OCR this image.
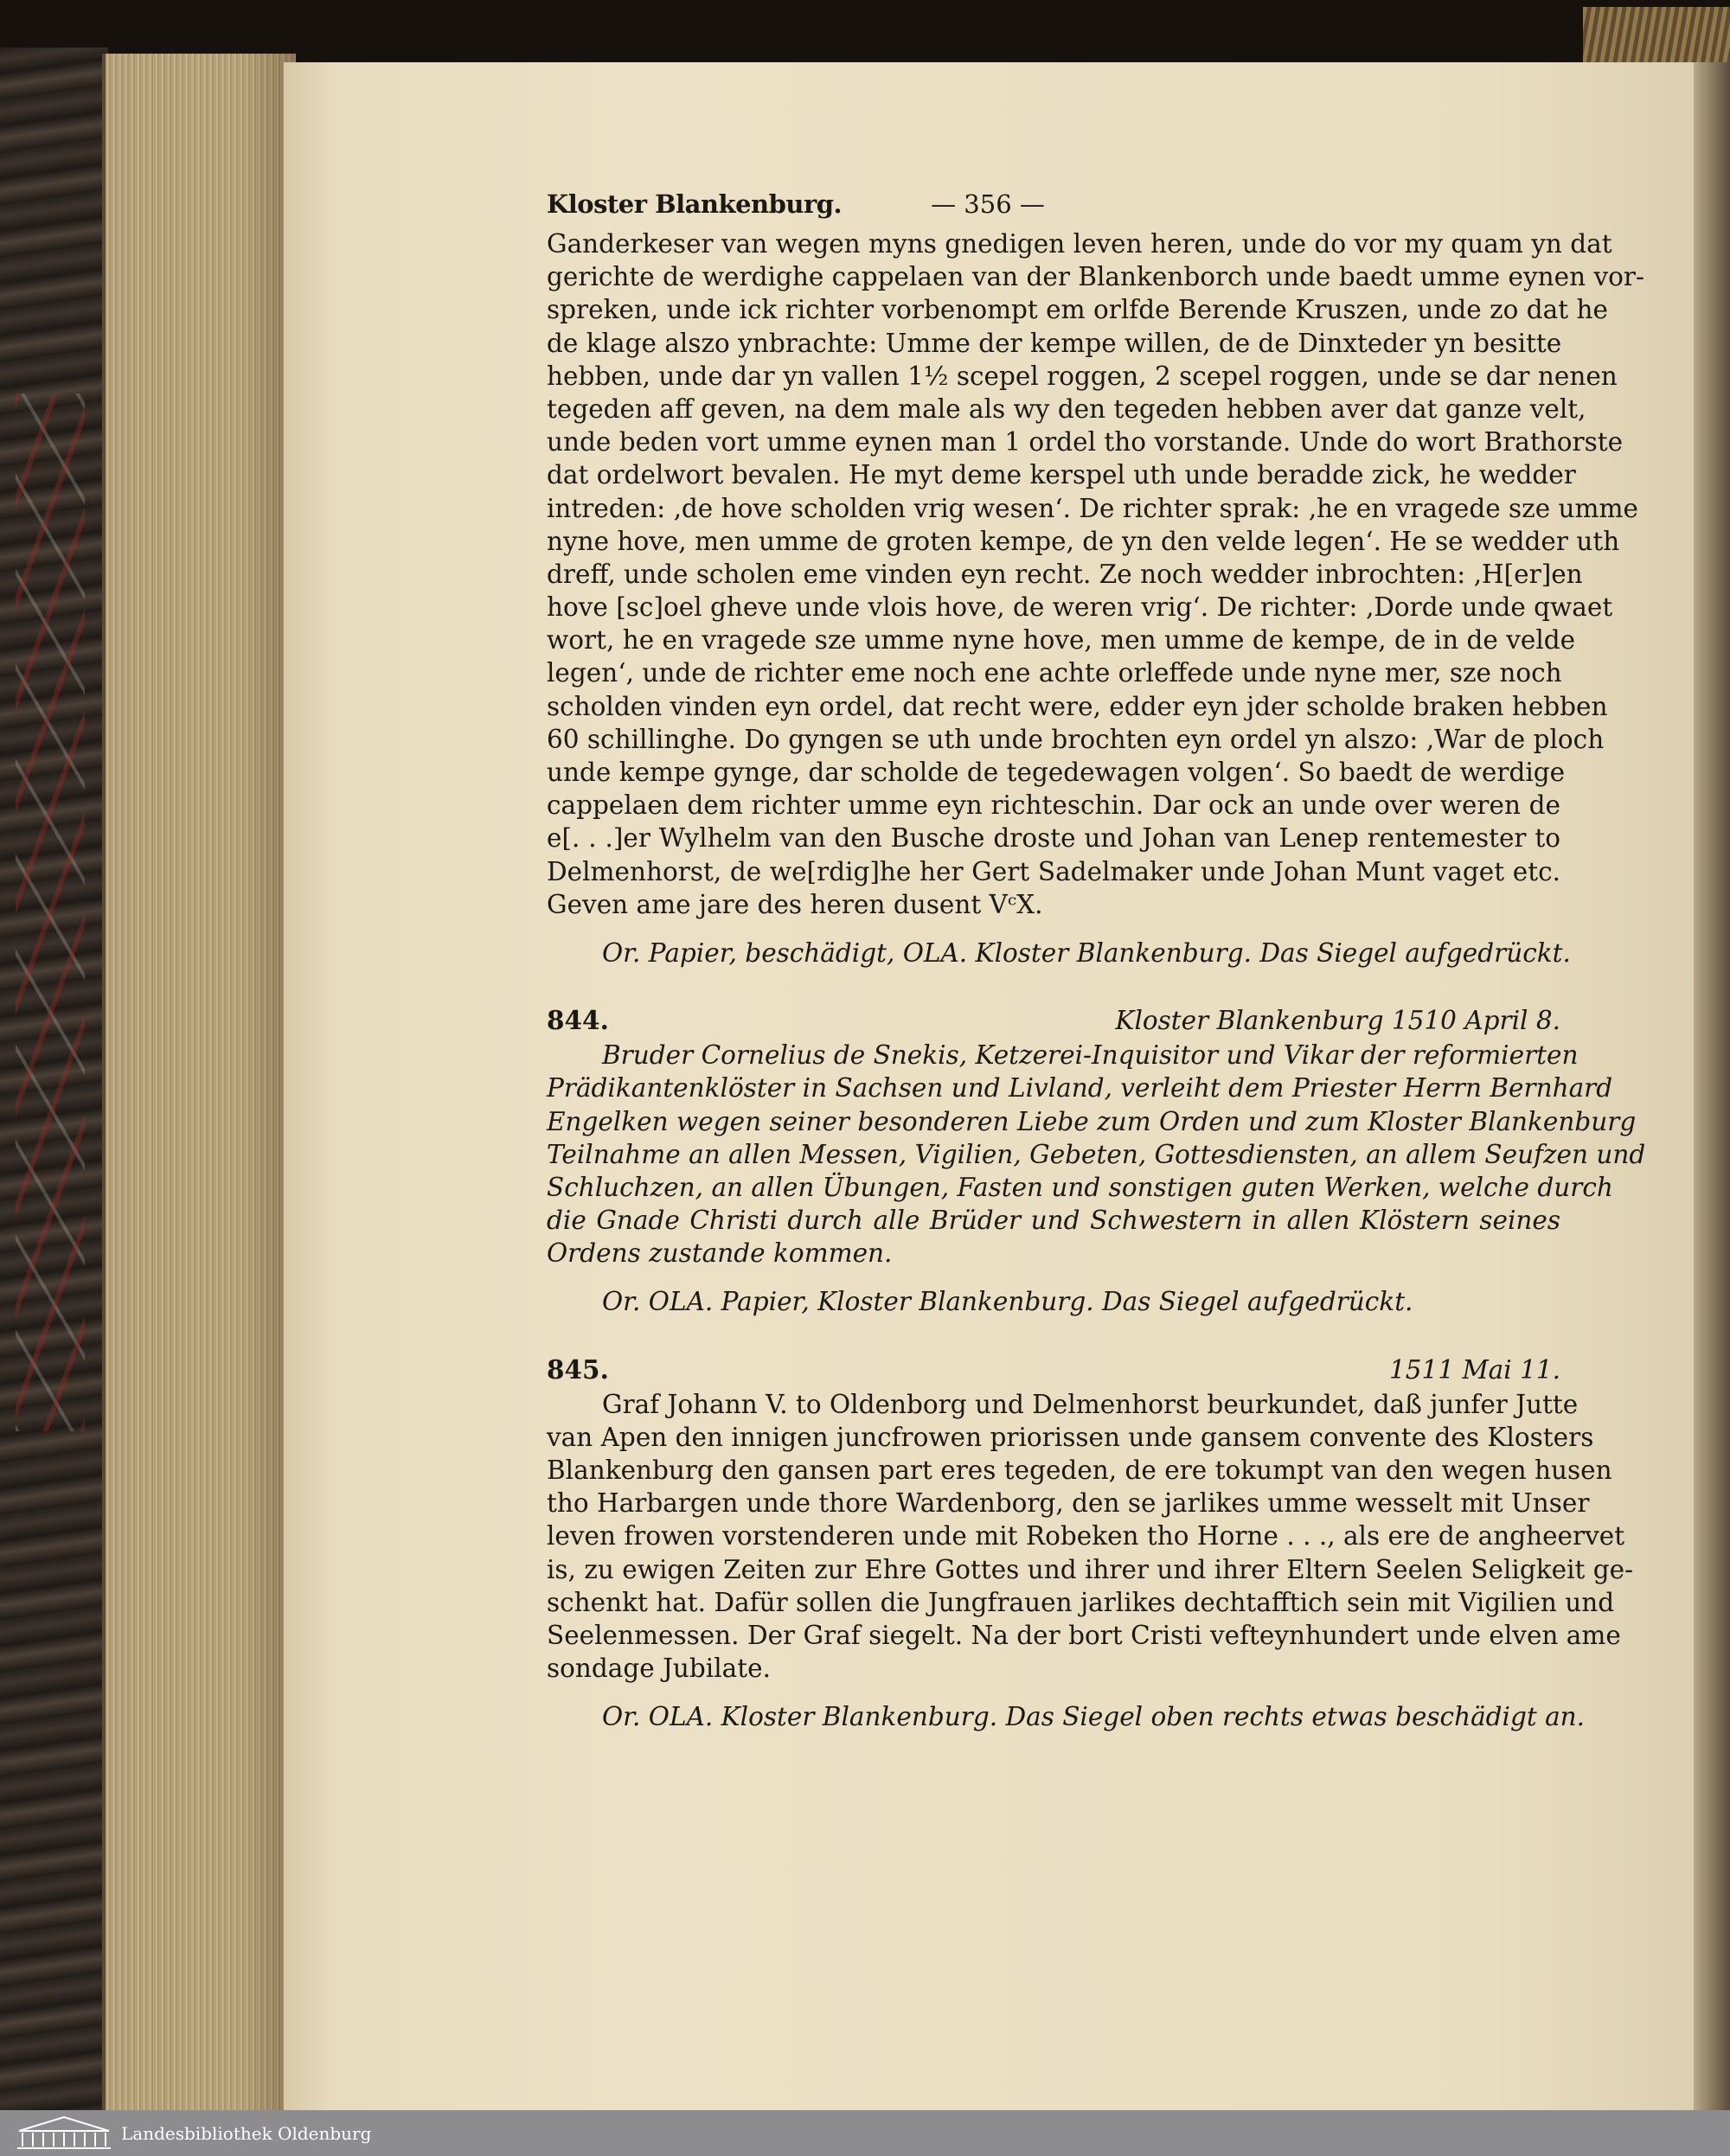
Kloster Blankenburg.	— 356 —
Ganderkeser van wegen myns gnedigen leven heren, unde do vor my quam yn dat
gerichte de werdighe cappelaen van der Blankenborch unde baedt umme eynen vor-
spreken, unde ick richter vorbenompt em orlfde Berende Kruszen, unde zo dat he
de klage alszo ynbrachte: Umme der kempe willen, de de Dinxteder yn besitte
hebben, unde dar yn vallen 1½ scepel roggen, 2 scepel roggen, unde se dar nenen
tegeden aff geven, na dem male als wy den tegeden hebben aver dat ganze velt,
unde beden vort umme eynen man 1 ordel tho vorstande. Unde do wort Brathorste
dat ordelwort bevalen. He myt deme kerspel uth unde beradde zick, he wedder
intreden: ‚de hove scholden vrig wesen‘. De richter sprak: ‚he en vragede sze umme
nyne hove, men umme de groten kempe, de yn den velde legen‘. He se wedder uth
dreff, unde scholen eme vinden eyn recht. Ze noch wedder inbrochten: ‚H[er]en
hove [sc]oel gheve unde vlois hove, de weren vrig‘. De richter: ‚Dorde unde qwaet
wort, he en vragede sze umme nyne hove, men umme de kempe, de in de velde
legen‘, unde de richter eme noch ene achte orleffede unde nyne mer, sze noch
scholden vinden eyn ordel, dat recht were, edder eyn jder scholde braken hebben
60 schillinghe. Do gyngen se uth unde brochten eyn ordel yn alszo: ‚War de ploch
unde kempe gynge, dar scholde de tegedewagen volgen‘. So baedt de werdige
cappelaen dem richter umme eyn richteschin. Dar ock an unde over weren de
e[. . .]er Wylhelm van den Busche droste und Johan van Lenep rentemester to
Delmenhorst, de we[rdig]he her Gert Sadelmaker unde Johan Munt vaget etc.
Geven ame jare des heren dusent VᶜX.
Or. Papier, beschädigt, OLA. Kloster Blankenburg. Das Siegel aufgedrückt.
844.	Kloster Blankenburg 1510 April 8.
Bruder Cornelius de Snekis, Ketzerei-Inquisitor und Vikar der reformierten
Prädikantenklöster in Sachsen und Livland, verleiht dem Priester Herrn Bernhard
Engelken wegen seiner besonderen Liebe zum Orden und zum Kloster Blankenburg
Teilnahme an allen Messen, Vigilien, Gebeten, Gottesdiensten, an allem Seufzen und
Schluchzen, an allen Übungen, Fasten und sonstigen guten Werken, welche durch
die Gnade Christi durch alle Brüder und Schwestern in allen Klöstern seines
Ordens zustande kommen.
Or. OLA. Papier, Kloster Blankenburg. Das Siegel aufgedrückt.
845.	1511 Mai 11.
Graf Johann V. to Oldenborg und Delmenhorst beurkundet, daß junfer Jutte
van Apen den innigen juncfrowen priorissen unde gansem convente des Klosters
Blankenburg den gansen part eres tegeden, de ere tokumpt van den wegen husen
tho Harbargen unde thore Wardenborg, den se jarlikes umme wesselt mit Unser
leven frowen vorstenderen unde mit Robeken tho Horne . . ., als ere de angheervet
is, zu ewigen Zeiten zur Ehre Gottes und ihrer und ihrer Eltern Seelen Seligkeit ge-
schenkt hat. Dafür sollen die Jungfrauen jarlikes dechtafftich sein mit Vigilien und
Seelenmessen. Der Graf siegelt. Na der bort Cristi vefteynhundert unde elven ame
sondage Jubilate.
Or. OLA. Kloster Blankenburg. Das Siegel oben rechts etwas beschädigt an.
Landesbibliothek Oldenburg
